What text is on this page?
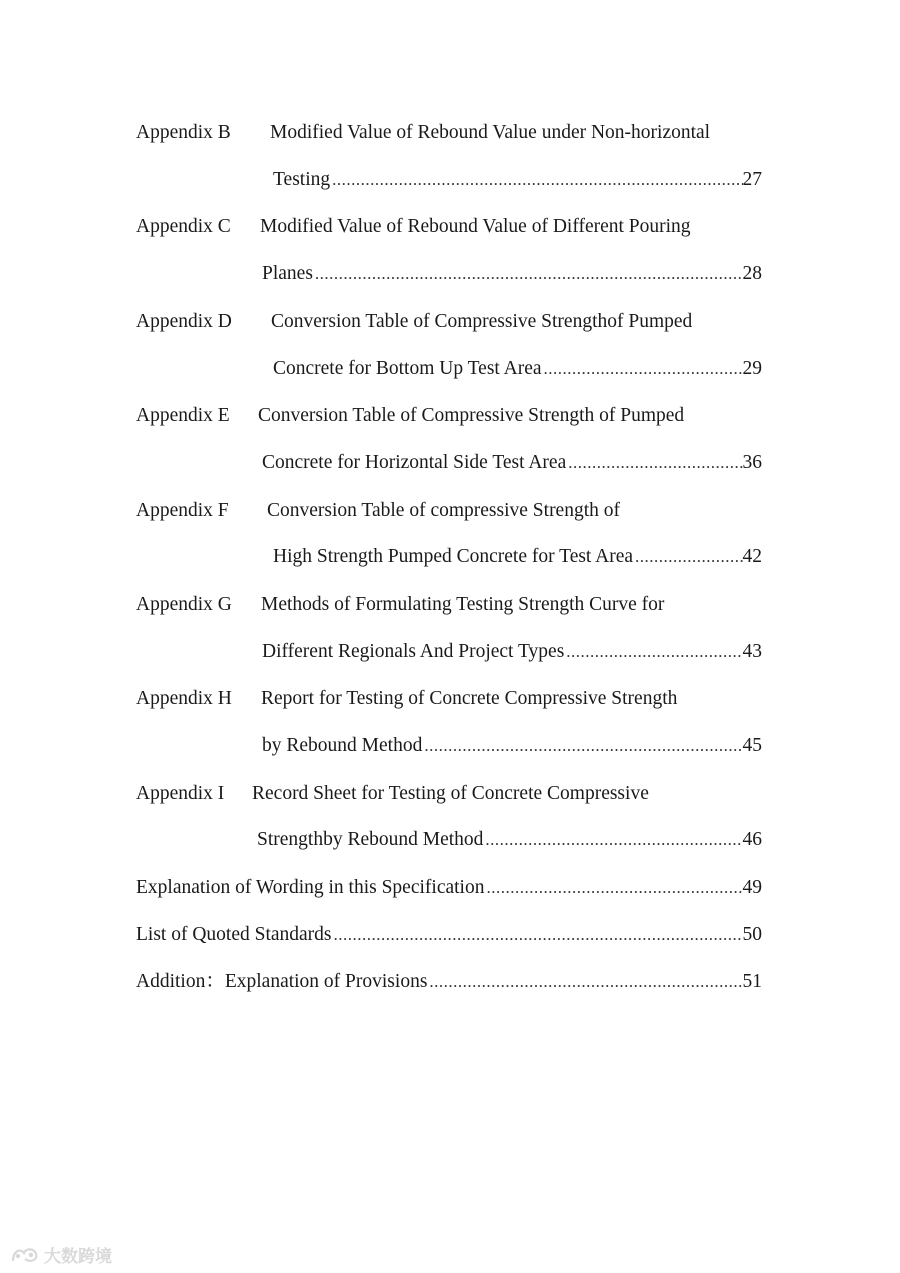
Appendix B Modified Value of Rebound Value under Non-horizontal
Testing .....	27
Appendix C Modified Value of Rebound Value of Different Pouring
Planes .....	28
Appendix D Conversion Table of Compressive Strengthof Pumped
Concrete for Bottom Up Test Area .....	29
Appendix E Conversion Table of Compressive Strength of Pumped
Concrete for Horizontal Side Test Area .....	36
Appendix F Conversion Table of compressive Strength of
High Strength Pumped Concrete for Test Area .....	42
Appendix G Methods of Formulating Testing Strength Curve for
Different Regionals And Project Types .....	43
Appendix H Report for Testing of Concrete Compressive Strength
by Rebound Method .....	45
Appendix I Record Sheet for Testing of Concrete Compressive
Strengthby Rebound Method .....	46
Explanation of Wording in this Specification .....	49
List of Quoted Standards .....	50
Addition：Explanation of Provisions .....	51
大数跨境
